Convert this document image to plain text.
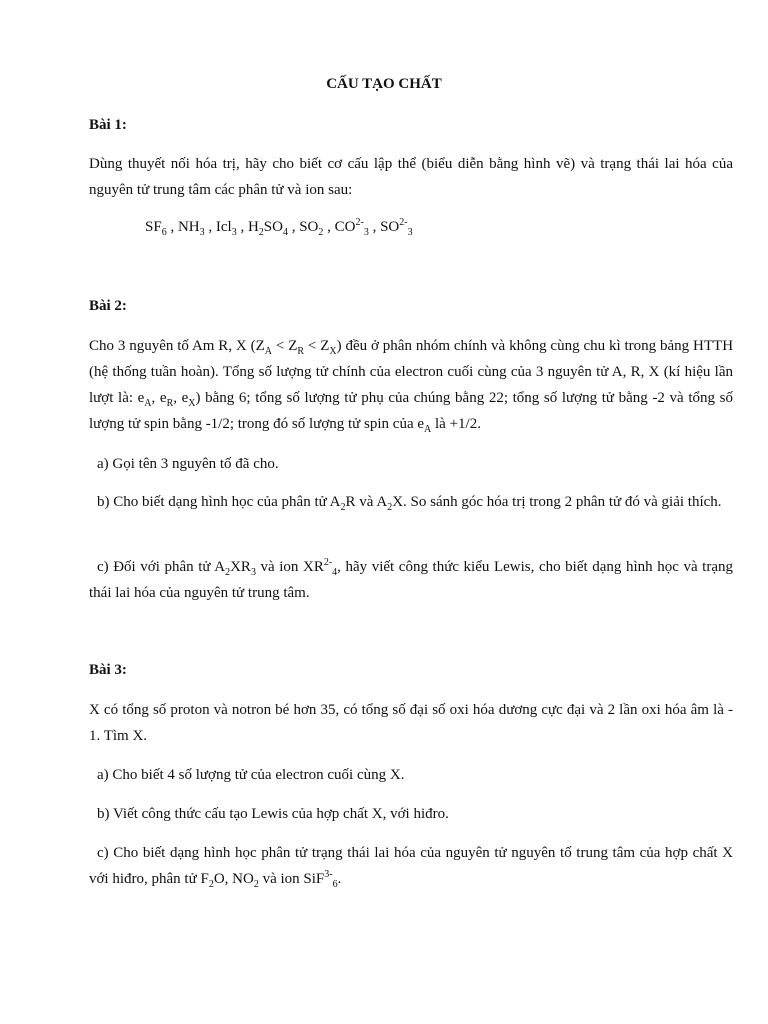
CẤU TẠO CHẤT
Bài 1:
Dùng thuyết nối hóa trị, hãy cho biết cơ cấu lập thể (biểu diễn bằng hình vẽ) và trạng thái lai hóa của nguyên tử trung tâm các phân tử và ion sau:
$SF_6$ , $NH_3$ , Icl$_3$ , $H_2SO_4$ , $SO_2$ , $CO^{2-}_3$ , $SO^{2-}_3$
Bài 2:
Cho 3 nguyên tố Am R, X $(Z_A < Z_R < Z_X)$ đều ở phân nhóm chính và không cùng chu kì trong bảng HTTH (hệ thống tuần hoàn). Tổng số lượng tử chính của electron cuối cùng của 3 nguyên tử A, R, X (kí hiệu lần lượt là: $e_A$, $e_R$, $e_X$) bằng 6; tổng số lượng tử phụ của chúng bằng 22; tổng số lượng tử bằng -2 và tổng số lượng tử spin bằng -1/2; trong đó số lượng tử spin của $e_A$ là +1/2.
a) Gọi tên 3 nguyên tố đã cho.
b) Cho biết dạng hình học của phân tử $A_2R$ và $A_2X$. So sánh góc hóa trị trong 2 phân tử đó và giải thích.
c) Đối với phân tử $A_2XR_3$ và ion $XR^{2-}_4$, hãy viết công thức kiểu Lewis, cho biết dạng hình học và trạng thái lai hóa của nguyên tử trung tâm.
Bài 3:
X có tổng số proton và notron bé hơn 35, có tổng số đại số oxi hóa dương cực đại và 2 lần oxi hóa âm là - 1. Tìm X.
a) Cho biết 4 số lượng tử của electron cuối cùng X.
b) Viết công thức cấu tạo Lewis của hợp chất X, với hiđro.
c) Cho biết dạng hình học phân tử trạng thái lai hóa của nguyên tử nguyên tố trung tâm của hợp chất X với hiđro, phân tử $F_2O$, $NO_2$ và ion SiF$^{3-}_6$.
